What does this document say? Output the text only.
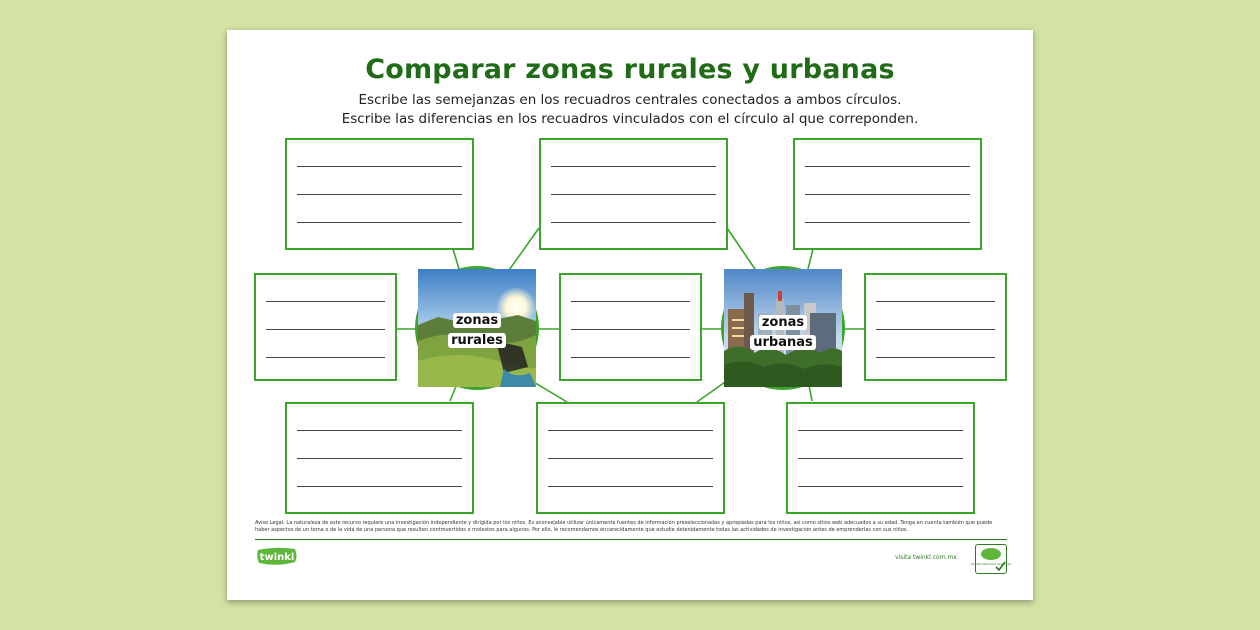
Comparar zonas rurales y urbanas
Escribe las semejanzas en los recuadros centrales conectados a ambos círculos.
Escribe las diferencias en los recuadros vinculados con el círculo al que correponden.
zonas
rurales
zonas
urbanas
Aviso Legal: La naturaleza de este recurso requiere una investigación independiente y dirigida por los niños. Es aconsejable utilizar únicamente fuentes de información preseleccionadas y apropiadas para los niños, así como sitios web adecuados a su edad. Tenga en cuenta también que puede haber aspectos de un tema o de la vida de una persona que resulten controvertidos o molestos para algunos. Por ello, le recomendamos encarecidamente que estudie detenidamente todas las actividades de investigación antes de emprenderlas con sus niños.
twinkl	visita twinkl.com.mx
Quality Standard Approved
